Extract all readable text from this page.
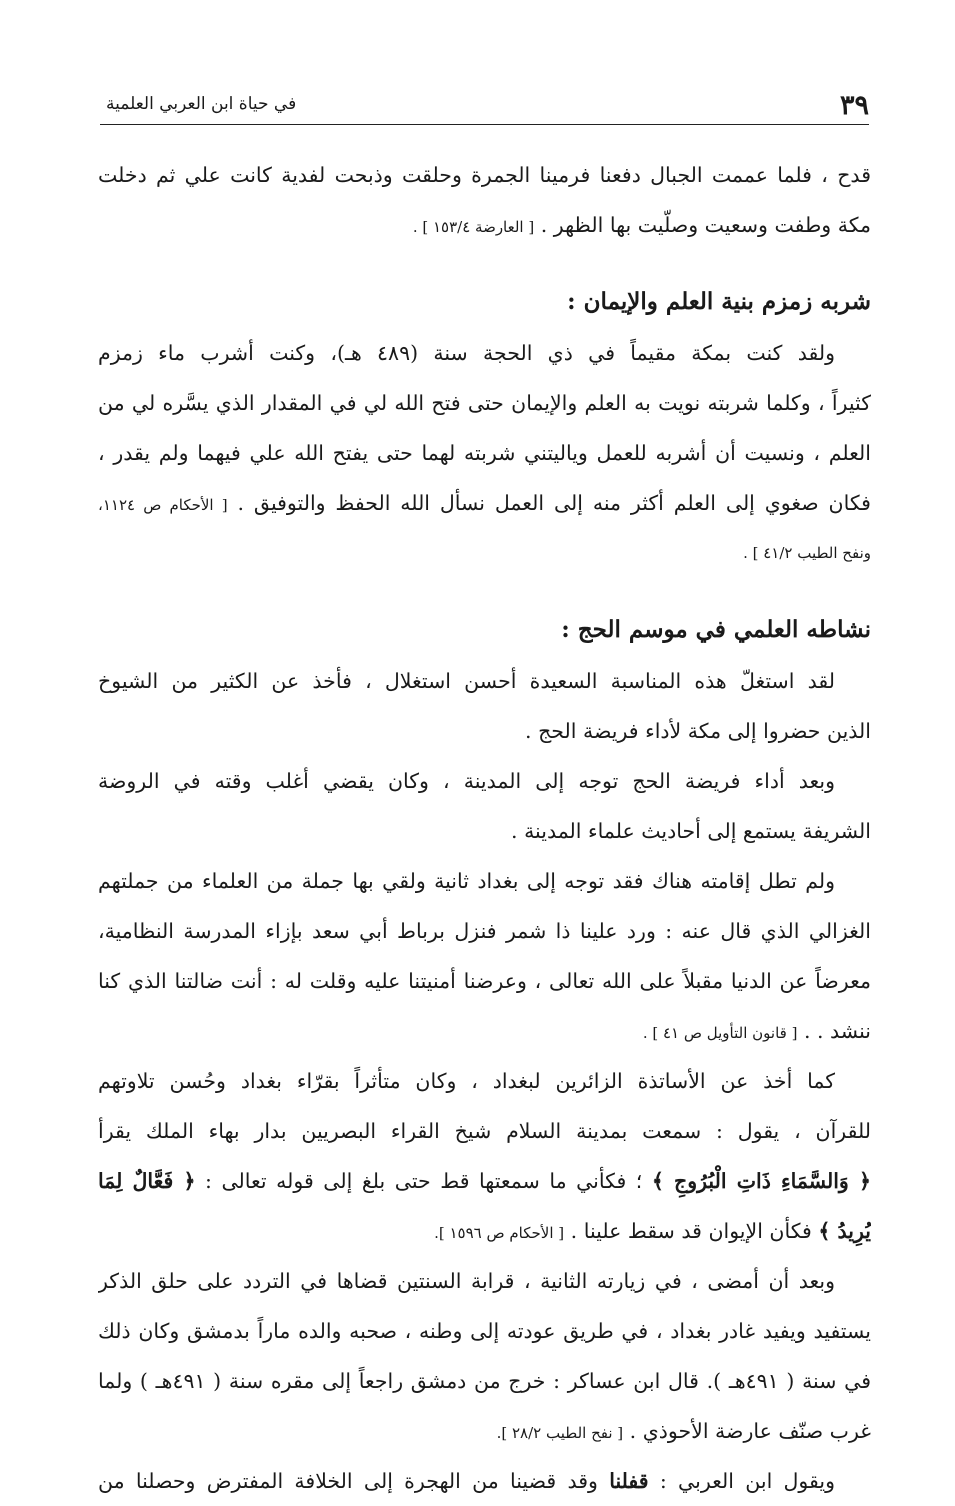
٣٩
في حياة ابن العربي العلمية
قدح ، فلما عممت الجبال دفعنا فرمينا الجمرة وحلقت وذبحت لفدية كانت علي ثم دخلت
مكة وطفت وسعيت وصلّيت بها الظهر . [ العارضة ١٥٣/٤ ] .
شربه زمزم بنية العلم والإيمان :
ولقد كنت بمكة مقيماً في ذي الحجة سنة (٤٨٩ هـ)، وكنت أشرب ماء زمزم
كثيراً ، وكلما شربته نويت به العلم والإيمان حتى فتح الله لي في المقدار الذي يسَّره لي من
العلم ، ونسيت أن أشربه للعمل وياليتني شربته لهما حتى يفتح الله علي فيهما ولم يقدر ،
فكان صغوي إلى العلم أكثر منه إلى العمل نسأل الله الحفظ والتوفيق . [ الأحكام ص ١١٢٤،
ونفح الطيب ٤١/٢ ] .
نشاطه العلمي في موسم الحج :
لقد استغلّ هذه المناسبة السعيدة أحسن استغلال ، فأخذ عن الكثير من الشيوخ
الذين حضروا إلى مكة لأداء فريضة الحج .
وبعد أداء فريضة الحج توجه إلى المدينة ، وكان يقضي أغلب وقته في الروضة
الشريفة يستمع إلى أحاديث علماء المدينة .
ولم تطل إقامته هناك فقد توجه إلى بغداد ثانية ولقي بها جملة من العلماء من جملتهم
الغزالي الذي قال عنه : ورد علينا ذا شمر فنزل برباط أبي سعد بإزاء المدرسة النظامية،
معرضاً عن الدنيا مقبلاً على الله تعالى ، وعرضنا أمنيتنا عليه وقلت له : أنت ضالتنا الذي كنا
ننشد . . [ قانون التأويل ص ٤١ ] .
كما أخذ عن الأساتذة الزائرين لبغداد ، وكان متأثراً بقرّاء بغداد وحُسن تلاوتهم
للقرآن ، يقول : سمعت بمدينة السلام شيخ القراء البصريين بدار بهاء الملك يقرأ
﴿ وَالسَّمَاءِ ذَاتِ الْبُرُوجِ ﴾ ؛ فكأني ما سمعتها قط حتى بلغ إلى قوله تعالى : ﴿ فَعَّالٌ لِمَا
يُرِيدُ ﴾ فكأن الإيوان قد سقط علينا . [ الأحكام ص ١٥٩٦ ].
وبعد أن أمضى ، في زيارته الثانية ، قرابة السنتين قضاها في التردد على حلق الذكر
يستفيد ويفيد غادر بغداد ، في طريق عودته إلى وطنه ، صحبه والده ماراً بدمشق وكان ذلك
في سنة ( ٤٩١هـ ). قال ابن عساكر : خرج من دمشق راجعاً إلى مقره سنة ( ٤٩١هـ ) ولما
غرب صنّف عارضة الأحوذي . [ نفح الطيب ٢٨/٢ ].
ويقول ابن العربي : قفلنا وقد قضينا من الهجرة إلى الخلافة المفترض وحصلنا من
